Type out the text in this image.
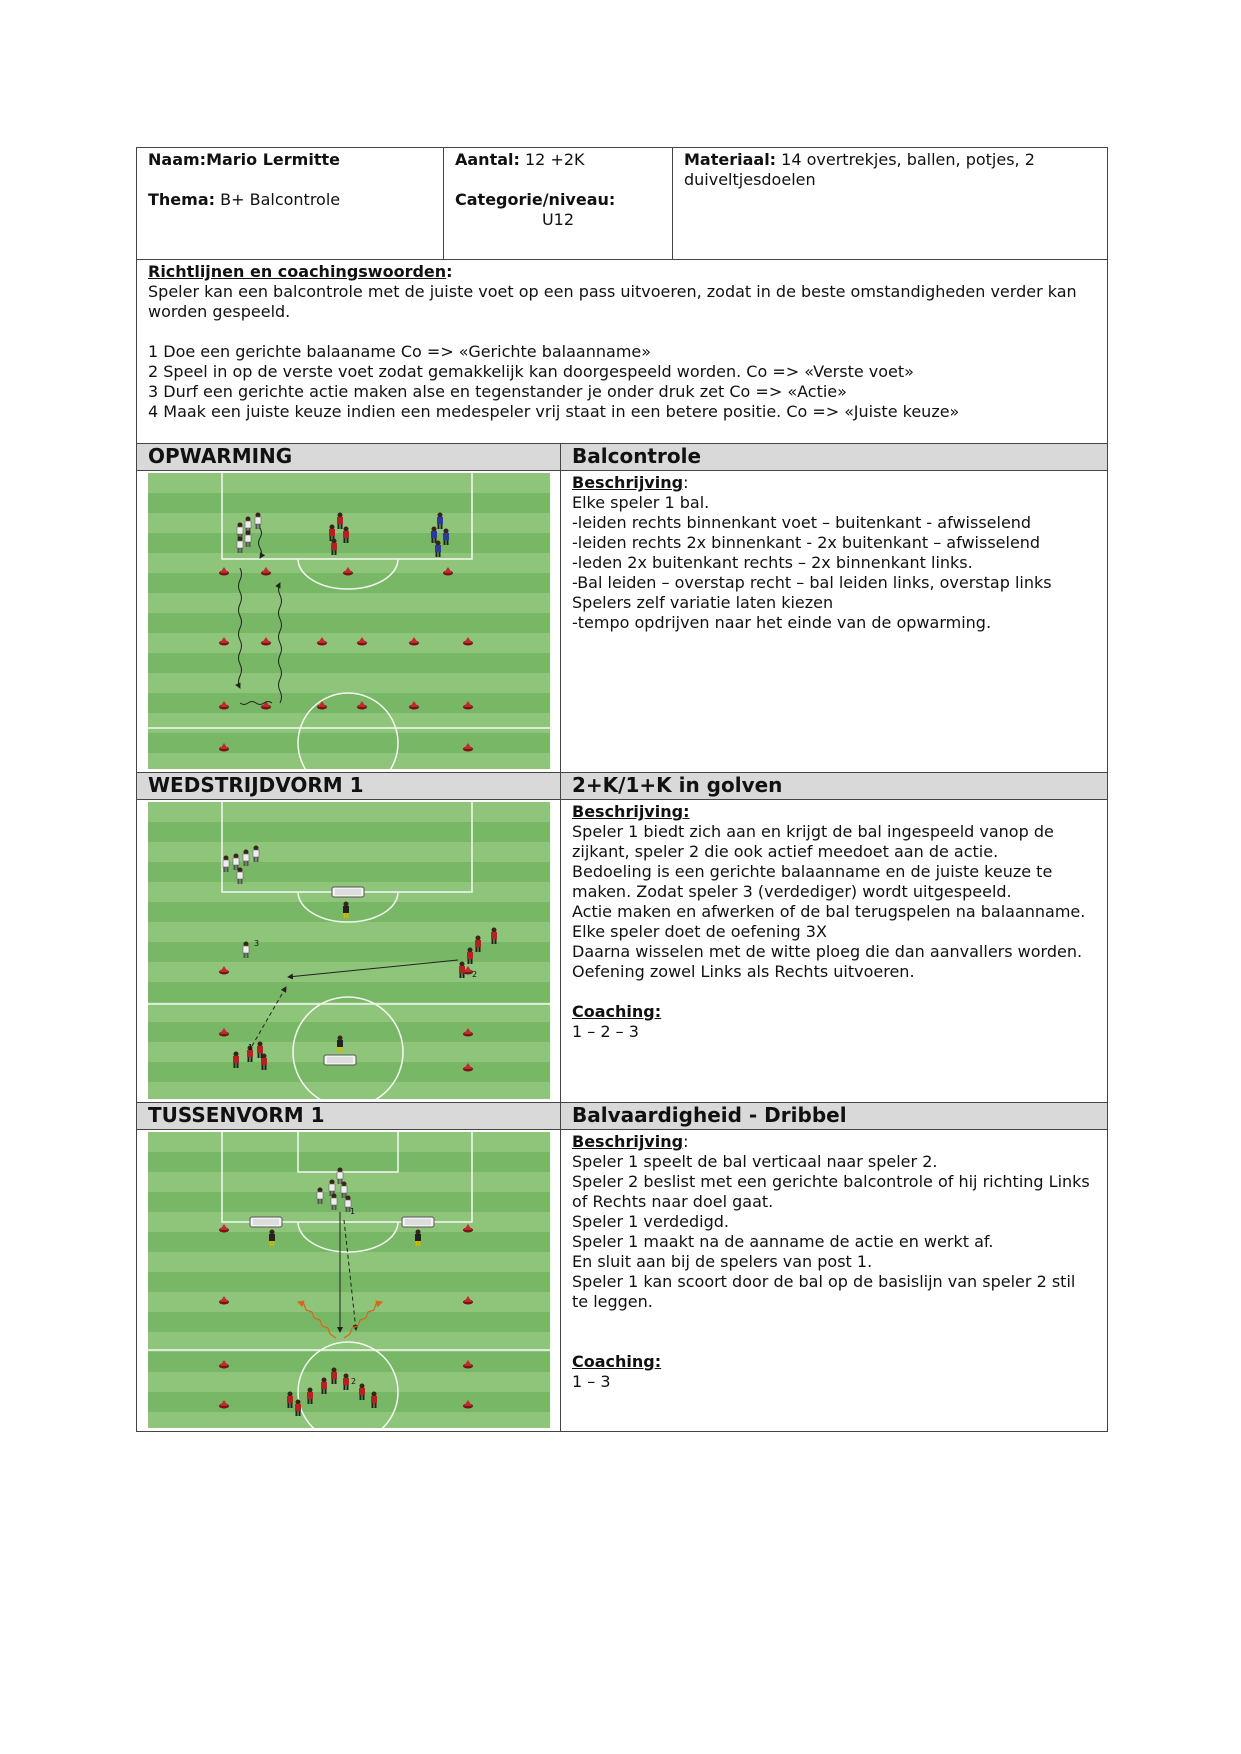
Naam:Mario Lermitte
Thema: B+ Balcontrole
Aantal: 12 +2K
Categorie/niveau:
U12
Materiaal: 14 overtrekjes, ballen, potjes, 2 duiveltjesdoelen
Richtlijnen en coachingswoorden:
Speler kan een balcontrole met de juiste voet op een pass uitvoeren, zodat in de beste omstandigheden verder kan worden gespeeld.
1 Doe een gerichte balaaname Co => «Gerichte balaanname»
2 Speel in op de verste voet zodat gemakkelijk kan doorgespeeld worden. Co => «Verste voet»
3 Durf een gerichte actie maken alse en tegenstander je onder druk zet Co => «Actie»
4 Maak een juiste keuze indien een medespeler vrij staat in een betere positie. Co => «Juiste keuze»
OPWARMING	Balcontrole
Beschrijving:
Elke speler 1 bal.
-leiden rechts binnenkant voet – buitenkant - afwisselend
-leiden rechts 2x binnenkant - 2x buitenkant – afwisselend
-leden 2x buitenkant rechts – 2x binnenkant links.
-Bal leiden – overstap recht – bal leiden links, overstap links
Spelers zelf variatie laten kiezen
-tempo opdrijven naar het einde van de opwarming.
WEDSTRIJDVORM 1	2+K/1+K in golven
3
2
1
Beschrijving:
Speler 1 biedt zich aan en krijgt de bal ingespeeld vanop de zijkant, speler 2 die ook actief meedoet aan de actie.
Bedoeling is een gerichte balaanname en de juiste keuze te maken. Zodat speler 3 (verdediger) wordt uitgespeeld.
Actie maken en afwerken of de bal terugspelen na balaanname.
Elke speler doet de oefening 3X
Daarna wisselen met de witte ploeg die dan aanvallers worden.
Oefening zowel Links als Rechts uitvoeren.
Coaching:
1 – 2 – 3
TUSSENVORM 1	Balvaardigheid - Dribbel
1
2
Beschrijving:
Speler 1 speelt de bal verticaal naar speler 2.
Speler 2 beslist met een gerichte balcontrole of hij richting Links of Rechts naar doel gaat.
Speler 1 verdedigd.
Speler 1 maakt na de aanname de actie en werkt af.
En sluit aan bij de spelers van post 1.
Speler 1 kan scoort door de bal op de basislijn van speler 2 stil te leggen.
Coaching:
1 – 3
